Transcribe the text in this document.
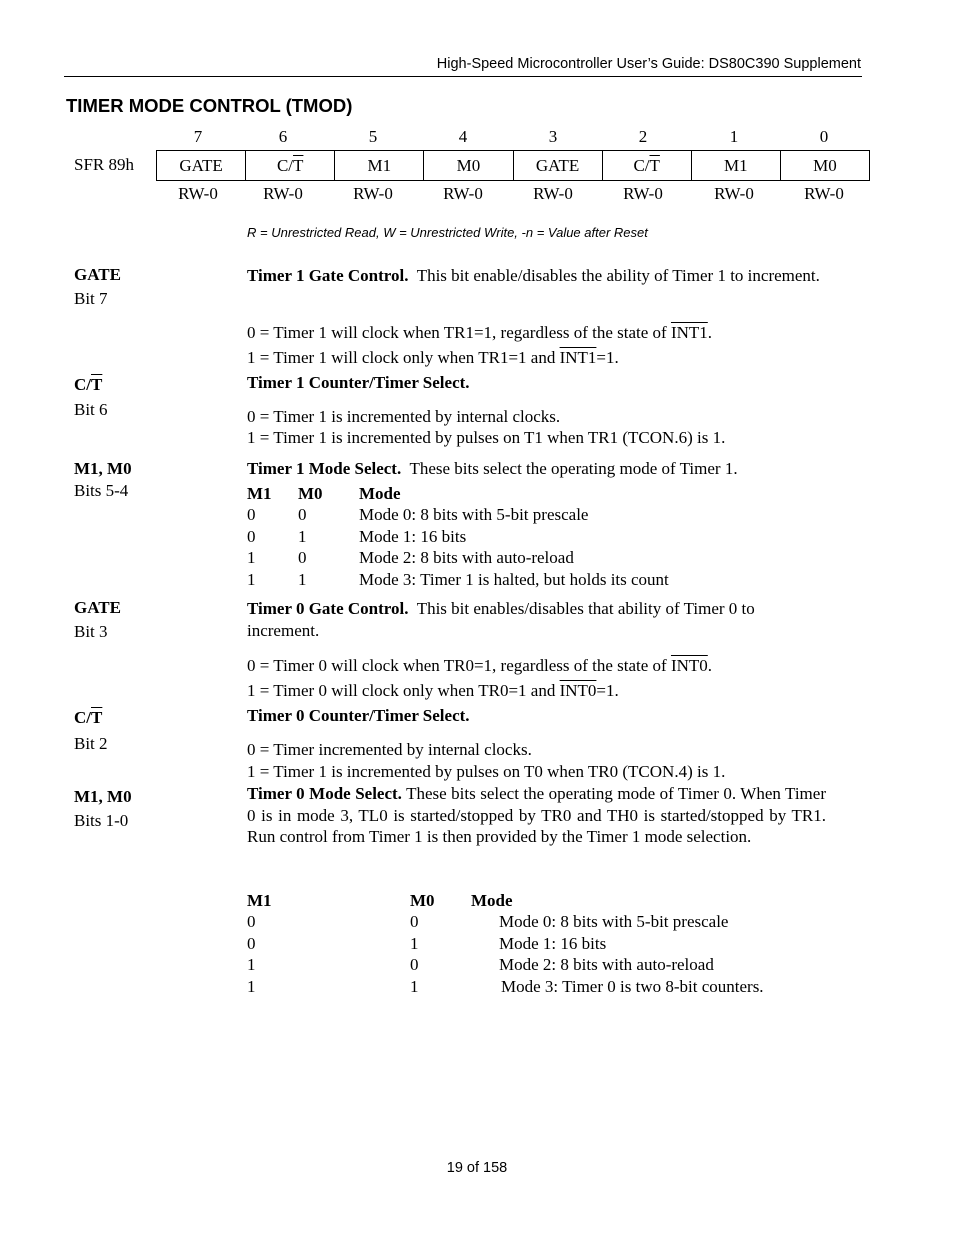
High-Speed Microcontroller User’s Guide: DS80C390 Supplement
TIMER MODE CONTROL (TMOD)
7	6	5	4	3	2	1	0
SFR 89h	GATE	$C/\overline{T}$	M1	M0	GATE	$C/\overline{T}$	M1	M0
RW-0	RW-0	RW-0	RW-0	RW-0	RW-0	RW-0	RW-0
R = Unrestricted Read, W = Unrestricted Write, -n = Value after Reset
GATE
Bit 7
Timer 1 Gate Control. This bit enable/disables the ability of Timer 1 to increment.
0 = Timer 1 will clock when TR1=1, regardless of the state of INT1.
1 = Timer 1 will clock only when TR1=1 and INT1=1.
$C/\overline{T}$
Bit 6
Timer 1 Counter/Timer Select.
0 = Timer 1 is incremented by internal clocks.
1 = Timer 1 is incremented by pulses on T1 when TR1 (TCON.6) is 1.
M1, M0
Bits 5-4
Timer 1 Mode Select. These bits select the operating mode of Timer 1.
M1 M0 Mode
0	0	Mode 0: 8 bits with 5-bit prescale
0	1	Mode 1: 16 bits
1	0	Mode 2: 8 bits with auto-reload
1	1	Mode 3: Timer 1 is halted, but holds its count
GATE
Bit 3
Timer 0 Gate Control. This bit enables/disables that ability of Timer 0 to increment.
0 = Timer 0 will clock when TR0=1, regardless of the state of INT0.
1 = Timer 0 will clock only when TR0=1 and INT0=1.
$C/\overline{T}$
Bit 2
Timer 0 Counter/Timer Select.
0 = Timer incremented by internal clocks.
1 = Timer 1 is incremented by pulses on T0 when TR0 (TCON.4) is 1.
M1, M0
Bits 1-0
Timer 0 Mode Select. These bits select the operating mode of Timer 0. When Timer 0 is in mode 3, TL0 is started/stopped by TR0 and TH0 is started/stopped by TR1. Run control from Timer 1 is then provided by the Timer 1 mode selection.
M1	M0 Mode
0	0	Mode 0: 8 bits with 5-bit prescale
0	1	Mode 1: 16 bits
1	0	Mode 2: 8 bits with auto-reload
1	1	Mode 3: Timer 0 is two 8-bit counters.
19 of 158
